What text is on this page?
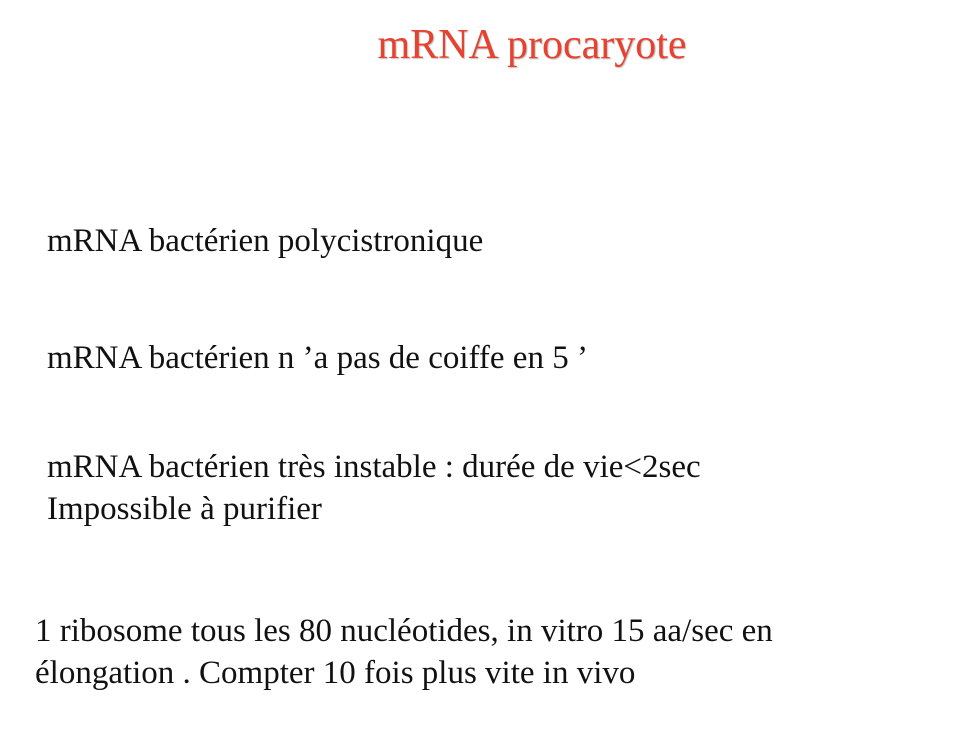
mRNA procaryote
mRNA bactérien polycistronique
mRNA bactérien n ’a pas de coiffe en 5 ’
mRNA bactérien très instable : durée de vie<2sec
Impossible à purifier
1 ribosome tous les 80 nucléotides, in vitro 15 aa/sec en
élongation . Compter 10 fois plus vite in vivo
